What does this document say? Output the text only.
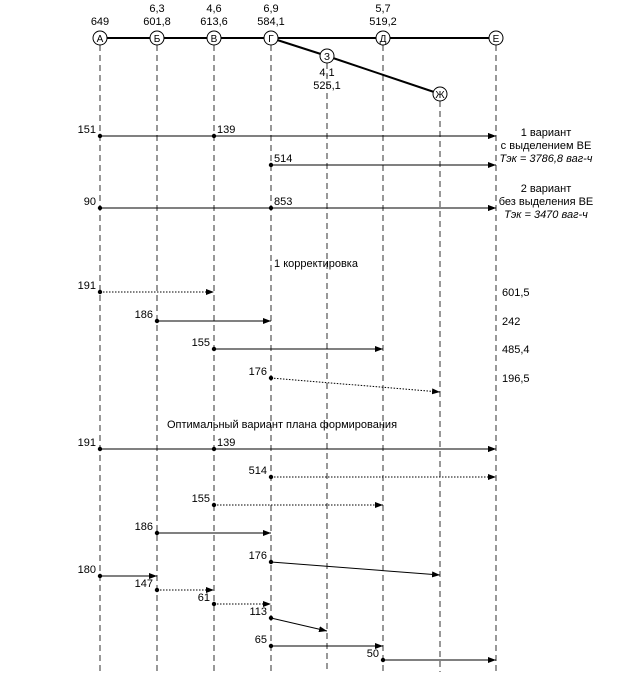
А
649
Б
6,3
601,8
В
4,6
613,6
Г
6,9
584,1
З
4,1
525,1
Д
5,7
519,2
Ж
Е
1 вариант
с выделением ВЕ
Тэк = 3786,8 ваг-ч
2 вариант
без выделения ВЕ
Тэк = 3470 ваг-ч
1 корректировка
Оптимальный вариант плана формирования
151	139
514
90	853
191
601,5
186
242
155
485,4
176
196,5
191	139
514
155
186
176
180
147
61
113
65
50
